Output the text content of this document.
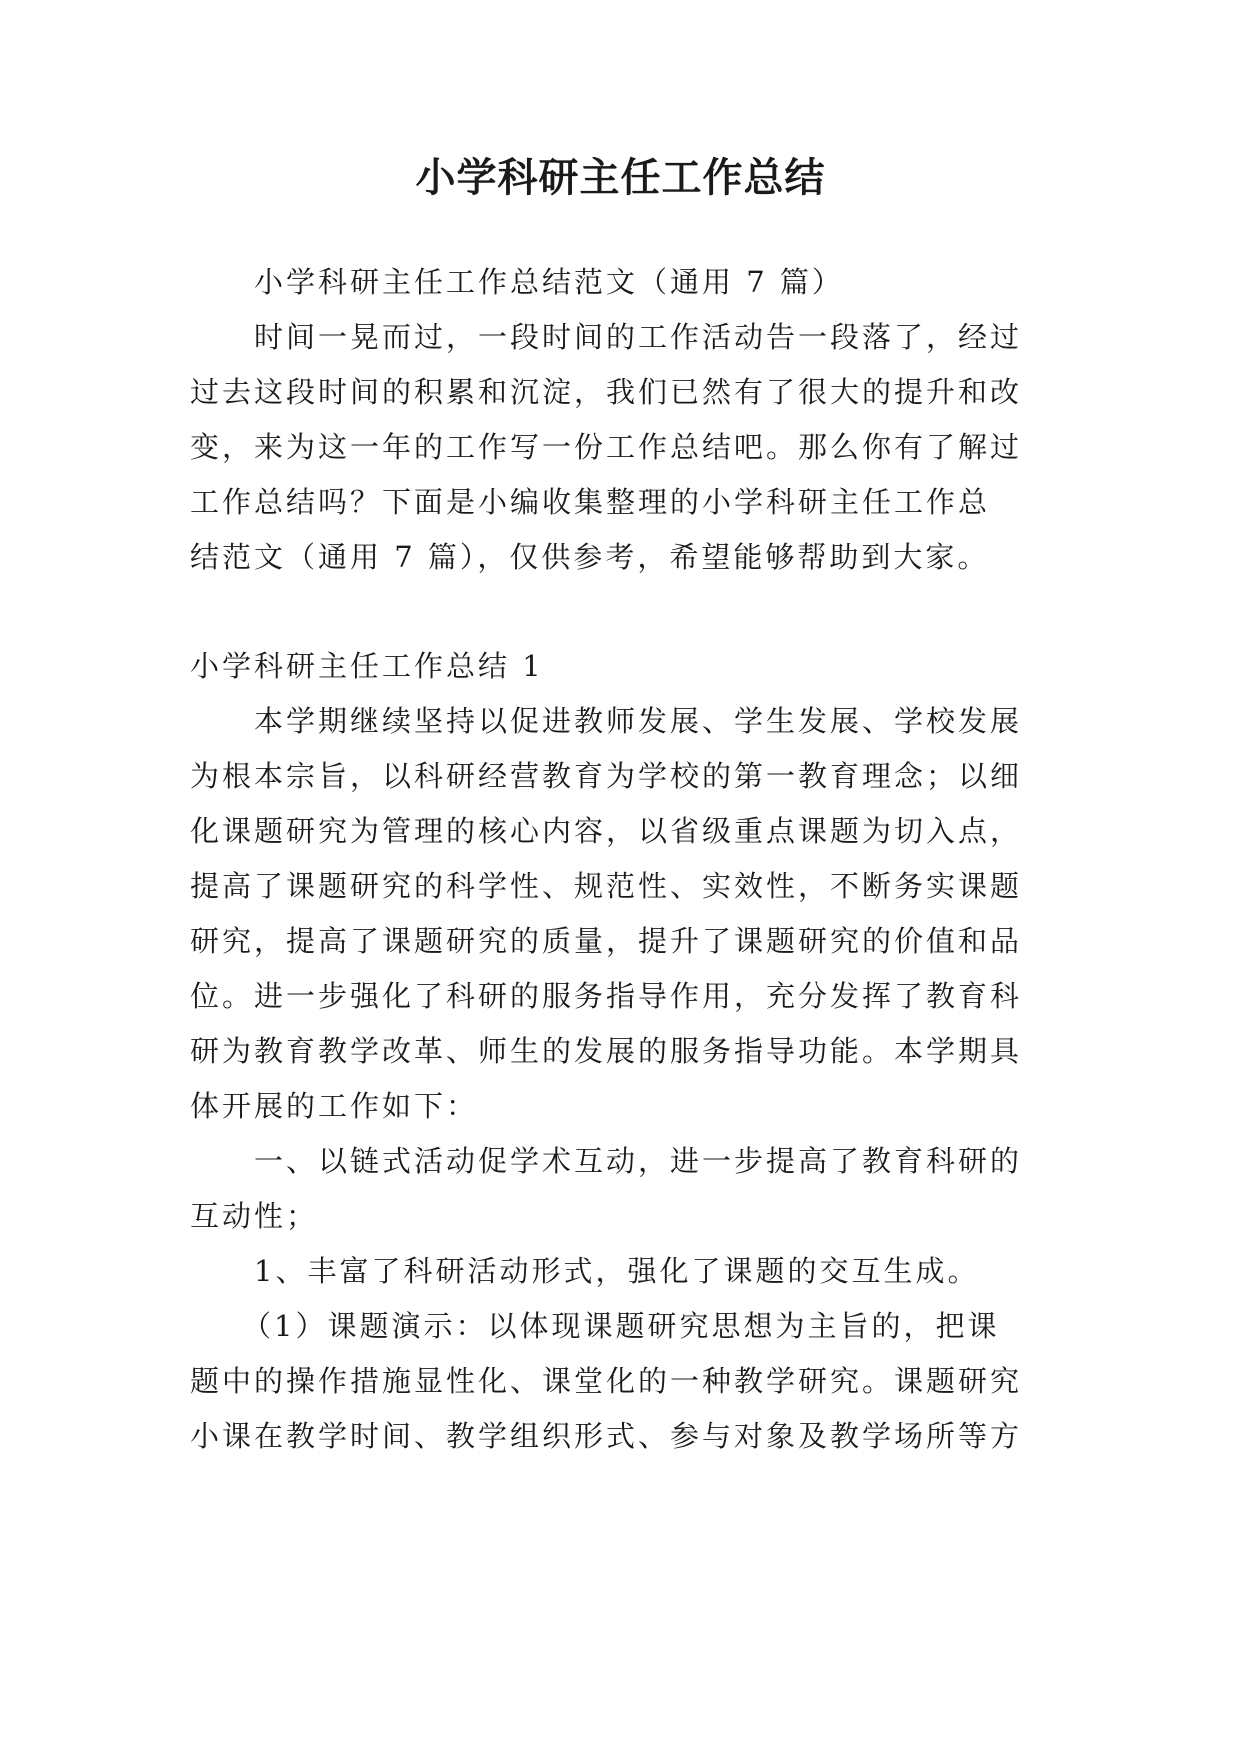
小学科研主任工作总结
小学科研主任工作总结范文（通用 7 篇）
时间一晃而过，一段时间的工作活动告一段落了，经过
过去这段时间的积累和沉淀，我们已然有了很大的提升和改
变，来为这一年的工作写一份工作总结吧。那么你有了解过
工作总结吗？下面是小编收集整理的小学科研主任工作总
结范文（通用 7 篇），仅供参考，希望能够帮助到大家。
小学科研主任工作总结 1
本学期继续坚持以促进教师发展、学生发展、学校发展
为根本宗旨，以科研经营教育为学校的第一教育理念；以细
化课题研究为管理的核心内容，以省级重点课题为切入点，
提高了课题研究的科学性、规范性、实效性，不断务实课题
研究，提高了课题研究的质量，提升了课题研究的价值和品
位。进一步强化了科研的服务指导作用，充分发挥了教育科
研为教育教学改革、师生的发展的服务指导功能。本学期具
体开展的工作如下：
一、以链式活动促学术互动，进一步提高了教育科研的
互动性；
1、丰富了科研活动形式，强化了课题的交互生成。
（1）课题演示：以体现课题研究思想为主旨的，把课
题中的操作措施显性化、课堂化的一种教学研究。课题研究
小课在教学时间、教学组织形式、参与对象及教学场所等方
